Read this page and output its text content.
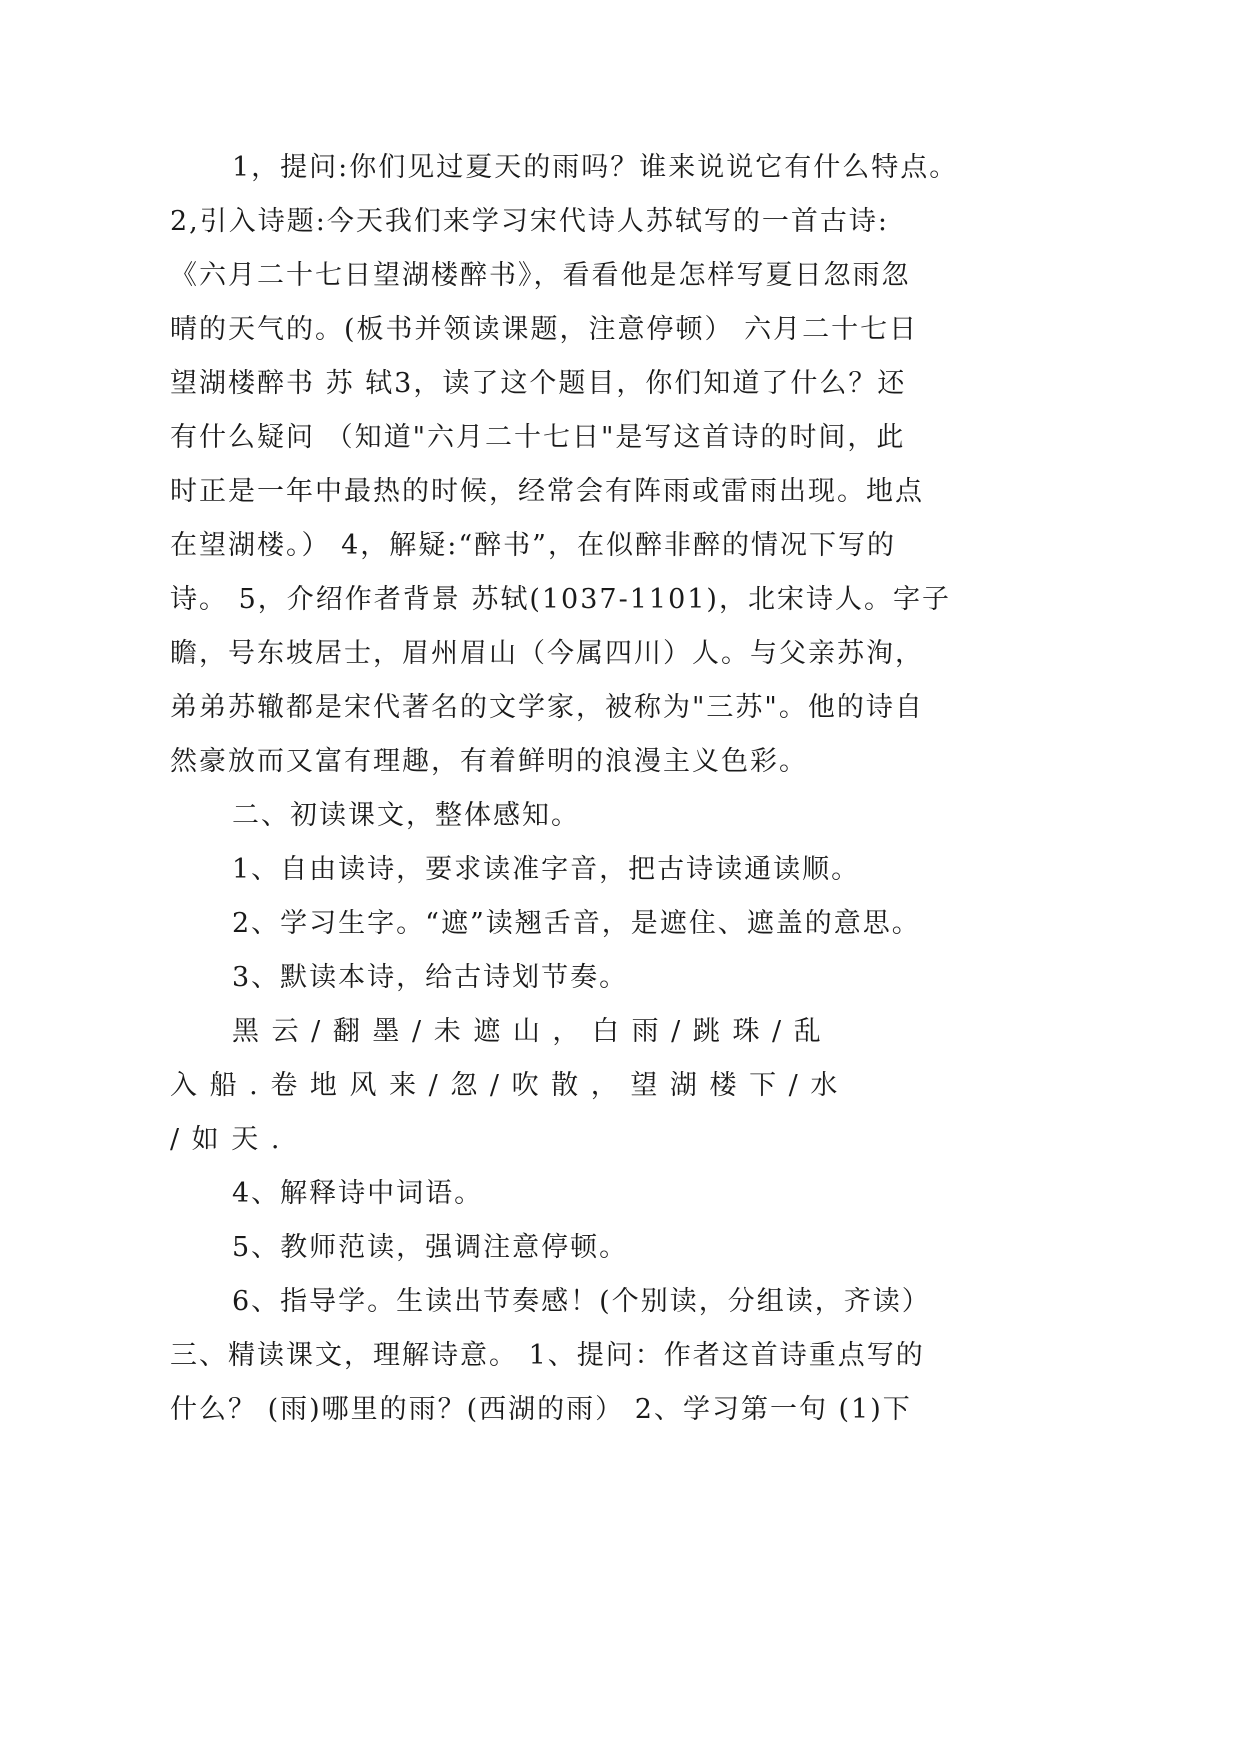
1，提问:你们见过夏天的雨吗？谁来说说它有什么特点。
2,引入诗题:今天我们来学习宋代诗人苏轼写的一首古诗:
《六月二十七日望湖楼醉书》，看看他是怎样写夏日忽雨忽
晴的天气的。(板书并领读课题，注意停顿） 六月二十七日
望湖楼醉书 苏 轼3，读了这个题目，你们知道了什么？还
有什么疑问 （知道"六月二十七日"是写这首诗的时间，此
时正是一年中最热的时候，经常会有阵雨或雷雨出现。地点
在望湖楼。） 4，解疑:“醉书”，在似醉非醉的情况下写的
诗。 5，介绍作者背景 苏轼(1037-1101)，北宋诗人。字子
瞻，号东坡居士，眉州眉山（今属四川）人。与父亲苏洵，
弟弟苏辙都是宋代著名的文学家，被称为"三苏"。他的诗自
然豪放而又富有理趣，有着鲜明的浪漫主义色彩。
二、初读课文，整体感知。
1、自由读诗，要求读准字音，把古诗读通读顺。
2、学习生字。“遮”读翘舌音，是遮住、遮盖的意思。
3、默读本诗，给古诗划节奏。
黑 云 / 翻 墨 / 未 遮 山 ， 白 雨 / 跳 珠 / 乱
入 船 . 卷 地 风 来 / 忽 / 吹 散 ， 望 湖 楼 下 / 水
/ 如 天 .
4、解释诗中词语。
5、教师范读，强调注意停顿。
6、指导学。生读出节奏感！(个别读，分组读，齐读）
三、精读课文，理解诗意。 1、提问：作者这首诗重点写的
什么？ (雨)哪里的雨？(西湖的雨） 2、学习第一句 (1)下
